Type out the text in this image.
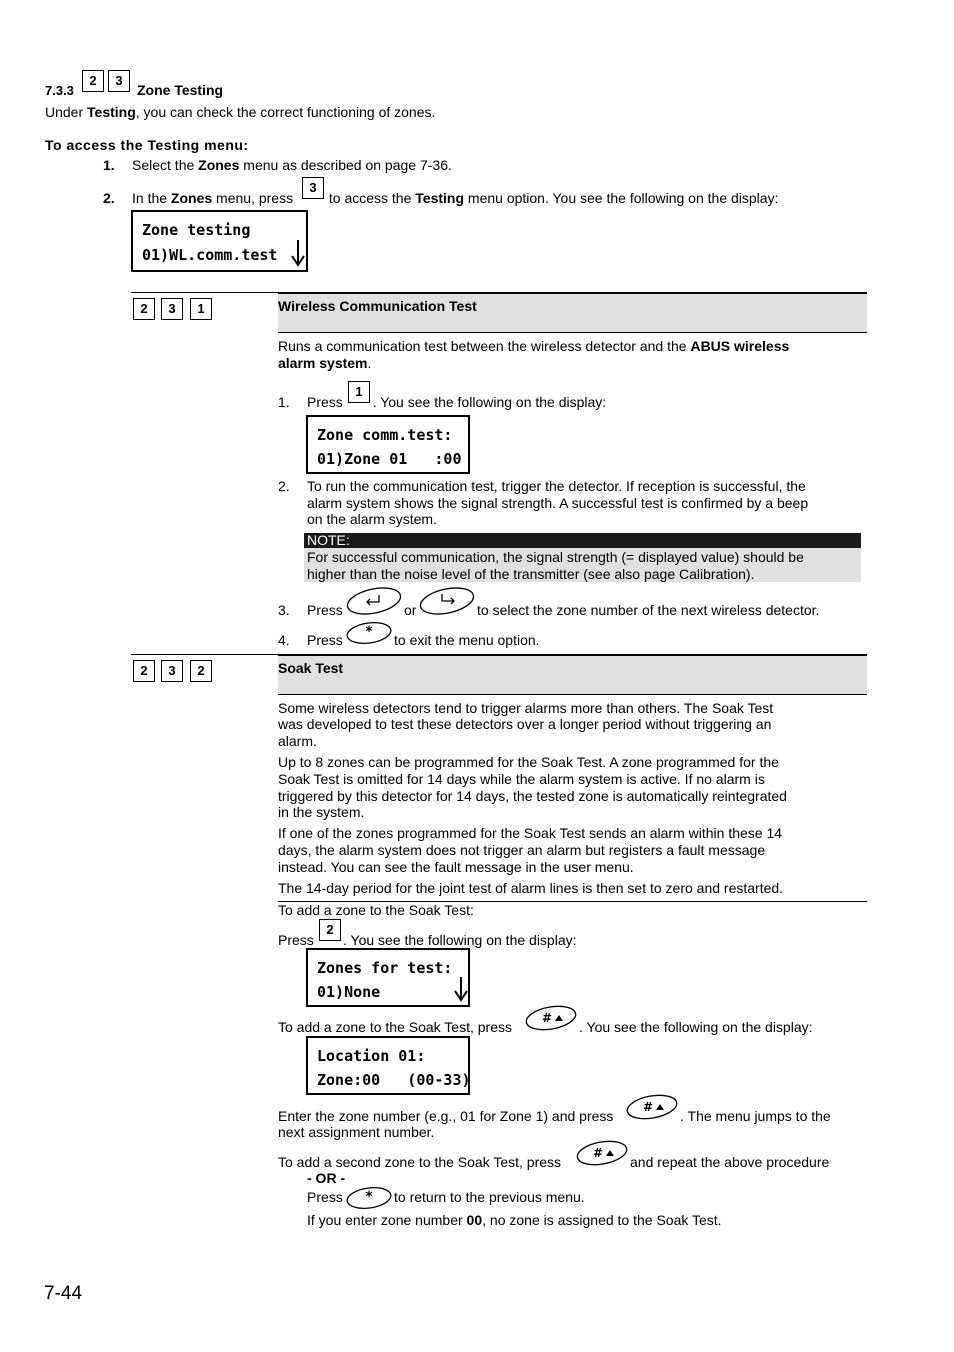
7.3.3
2	3
Zone Testing
Under Testing, you can check the correct functioning of zones.
To access the Testing menu:
1. Select the Zones menu as described on page 7-36.
2. In the Zones menu, press  to access the Testing menu option. You see the following on the display:
3
Zone testing
01)WL.comm.test
2	3	1	Wireless Communication Test
Runs a communication test between the wireless detector and the ABUS wireless
alarm system.
1. Press . You see the following on the display:
1
Zone comm.test:
01)Zone 01   :00
2. To run the communication test, trigger the detector. If reception is successful, the
alarm system shows the signal strength. A successful test is confirmed by a beep
on the alarm system.
NOTE:
For successful communication, the signal strength (= displayed value) should be
higher than the noise level of the transmitter (see also page Calibration).
3. Press	or	to select the zone number of the next wireless detector.
4. Press * to exit the menu option.
2	3	2	Soak Test
Some wireless detectors tend to trigger alarms more than others. The Soak Test
was developed to test these detectors over a longer period without triggering an
alarm.
Up to 8 zones can be programmed for the Soak Test. A zone programmed for the
Soak Test is omitted for 14 days while the alarm system is active. If no alarm is
triggered by this detector for 14 days, the tested zone is automatically reintegrated
in the system.
If one of the zones programmed for the Soak Test sends an alarm within these 14
days, the alarm system does not trigger an alarm but registers a fault message
instead. You can see the fault message in the user menu.
The 14-day period for the joint test of alarm lines is then set to zero and restarted.
To add a zone to the Soak Test:
Press
2
. You see the following on the display:
Zones for test:
01)None
To add a zone to the Soak Test, press
#
. You see the following on the display:
Location 01:
Zone:00   (00-33)
Enter the zone number (e.g., 01 for Zone 1) and press
#
. The menu jumps to the
next assignment number.
To add a second zone to the Soak Test, press
#
and repeat the above procedure
- OR -
Press * to return to the previous menu.
If you enter zone number 00, no zone is assigned to the Soak Test.
7-44
